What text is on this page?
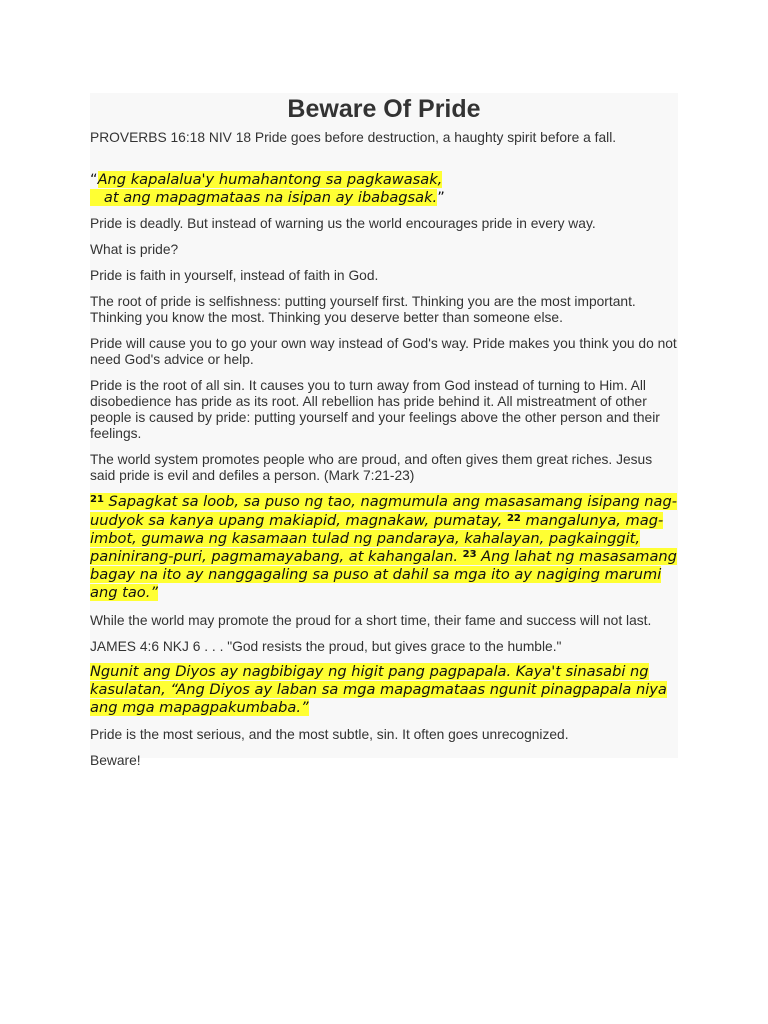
Beware Of Pride

PROVERBS 16:18 NIV 18 Pride goes before destruction, a haughty spirit before a fall.

“Ang kapalalua'y humahantong sa pagkawasak,
at ang mapagmataas na isipan ay ibabagsak.”

Pride is deadly. But instead of warning us the world encourages pride in every way.

What is pride?

Pride is faith in yourself, instead of faith in God.

The root of pride is selfishness: putting yourself first. Thinking you are the most important. Thinking you know the most. Thinking you deserve better than someone else.

Pride will cause you to go your own way instead of God's way. Pride makes you think you do not need God's advice or help.

Pride is the root of all sin. It causes you to turn away from God instead of turning to Him. All disobedience has pride as its root. All rebellion has pride behind it. All mistreatment of other people is caused by pride: putting yourself and your feelings above the other person and their feelings.

The world system promotes people who are proud, and often gives them great riches. Jesus said pride is evil and defiles a person. (Mark 7:21-23)

$^{21}$ Sapagkat sa loob, sa puso ng tao, nagmumula ang masasamang isipang nag-uudyok sa kanya upang makiapid, magnakaw, pumatay, $^{22}$ mangalunya, mag-imbot, gumawa ng kasamaan tulad ng pandaraya, kahalayan, pagkainggit, paninirang-puri, pagmamayabang, at kahangalan. $^{23}$ Ang lahat ng masasamang bagay na ito ay nanggagaling sa puso at dahil sa mga ito ay nagiging marumi ang tao.”

While the world may promote the proud for a short time, their fame and success will not last.

JAMES 4:6 NKJ 6 . . . "God resists the proud, but gives grace to the humble."

Ngunit ang Diyos ay nagbibigay ng higit pang pagpapala. Kaya't sinasabi ng kasulatan, “Ang Diyos ay laban sa mga mapagmataas ngunit pinagpapala niya ang mga mapagpakumbaba.”

Pride is the most serious, and the most subtle, sin. It often goes unrecognized.

Beware!
